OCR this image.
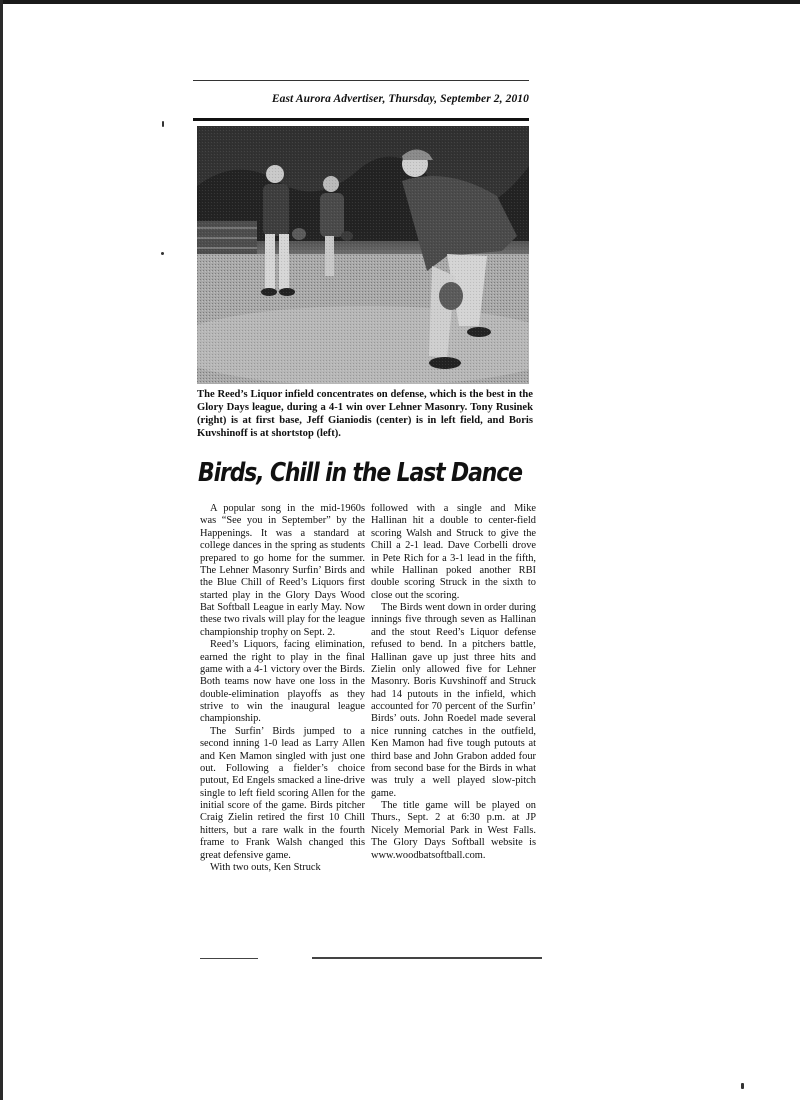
East Aurora Advertiser, Thursday, September 2, 2010
The Reed’s Liquor infield concentrates on defense, which is the best in the Glory Days league, during a 4-1 win over Lehner Masonry. Tony Rusinek (right) is at first base, Jeff Gianiodis (center) is in left field, and Boris Kuvshinoff is at shortstop (left).
Birds, Chill in the Last Dance

A popular song in the mid-1960s was “See you in September” by the Happenings. It was a standard at college dances in the spring as students prepared to go home for the summer. The Lehner Masonry Surfin’ Birds and the Blue Chill of Reed’s Liquors first started play in the Glory Days Wood Bat Softball League in early May. Now these two rivals will play for the league championship trophy on Sept. 2.

Reed’s Liquors, facing elimination, earned the right to play in the final game with a 4-1 victory over the Birds. Both teams now have one loss in the double-elimination playoffs as they strive to win the inaugural league championship.

The Surfin’ Birds jumped to a second inning 1-0 lead as Larry Allen and Ken Mamon singled with just one out. Following a fielder’s choice putout, Ed Engels smacked a line-drive single to left field scoring Allen for the initial score of the game. Birds pitcher Craig Zielin retired the first 10 Chill hitters, but a rare walk in the fourth frame to Frank Walsh changed this great defensive game.

With two outs, Ken Struck

followed with a single and Mike Hallinan hit a double to center-field scoring Walsh and Struck to give the Chill a 2-1 lead. Dave Corbelli drove in Pete Rich for a 3-1 lead in the fifth, while Hallinan poked another RBI double scoring Struck in the sixth to close out the scoring.

The Birds went down in order during innings five through seven as Hallinan and the stout Reed’s Liquor defense refused to bend. In a pitchers battle, Hallinan gave up just three hits and Zielin only allowed five for Lehner Masonry. Boris Kuvshinoff and Struck had 14 putouts in the infield, which accounted for 70 percent of the Surfin’ Birds’ outs. John Roedel made several nice running catches in the outfield, Ken Mamon had five tough putouts at third base and John Grabon added four from second base for the Birds in what was truly a well played slow-pitch game.

The title game will be played on Thurs., Sept. 2 at 6:30 p.m. at JP Nicely Memorial Park in West Falls. The Glory Days Softball website is www.woodbatsoftball.com.
